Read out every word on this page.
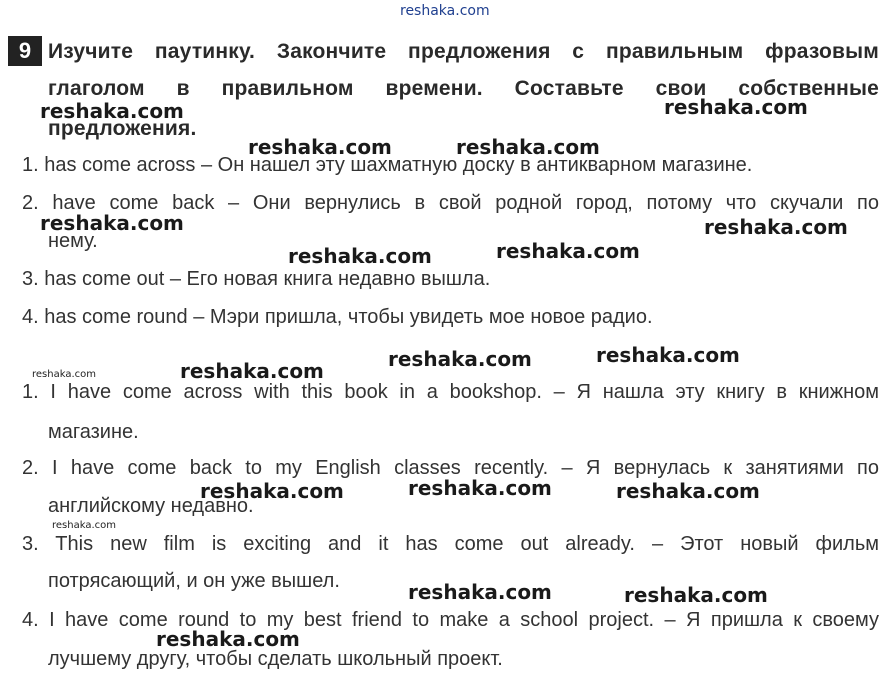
reshaka.com
9 Изучите паутинку. Закончите предложения с правильным фразовым
глаголом в правильном времени. Составьте свои собственные
предложения.
1. has come across – Он нашел эту шахматную доску в антикварном магазине.
2. have come back – Они вернулись в свой родной город, потому что скучали по
нему.
3. has come out – Его новая книга недавно вышла.
4. has come round – Мэри пришла, чтобы увидеть мое новое радио.
1. I have come across with this book in a bookshop. – Я нашла эту книгу в книжном
магазине.
2. I have come back to my English classes recently. – Я вернулась к занятиями по
английскому недавно.
3. This new film is exciting and it has come out already. – Этот новый фильм
потрясающий, и он уже вышел.
4. I have come round to my best friend to make a school project. – Я пришла к своему
лучшему другу, чтобы сделать школьный проект.
reshaka.com	reshaka.com
reshaka.com	reshaka.com
reshaka.com	reshaka.com
reshaka.com	reshaka.com
reshaka.com	reshaka.com	reshaka.com	reshaka.com
reshaka.com	reshaka.com	reshaka.com
reshaka.com
reshaka.com	reshaka.com
reshaka.com
